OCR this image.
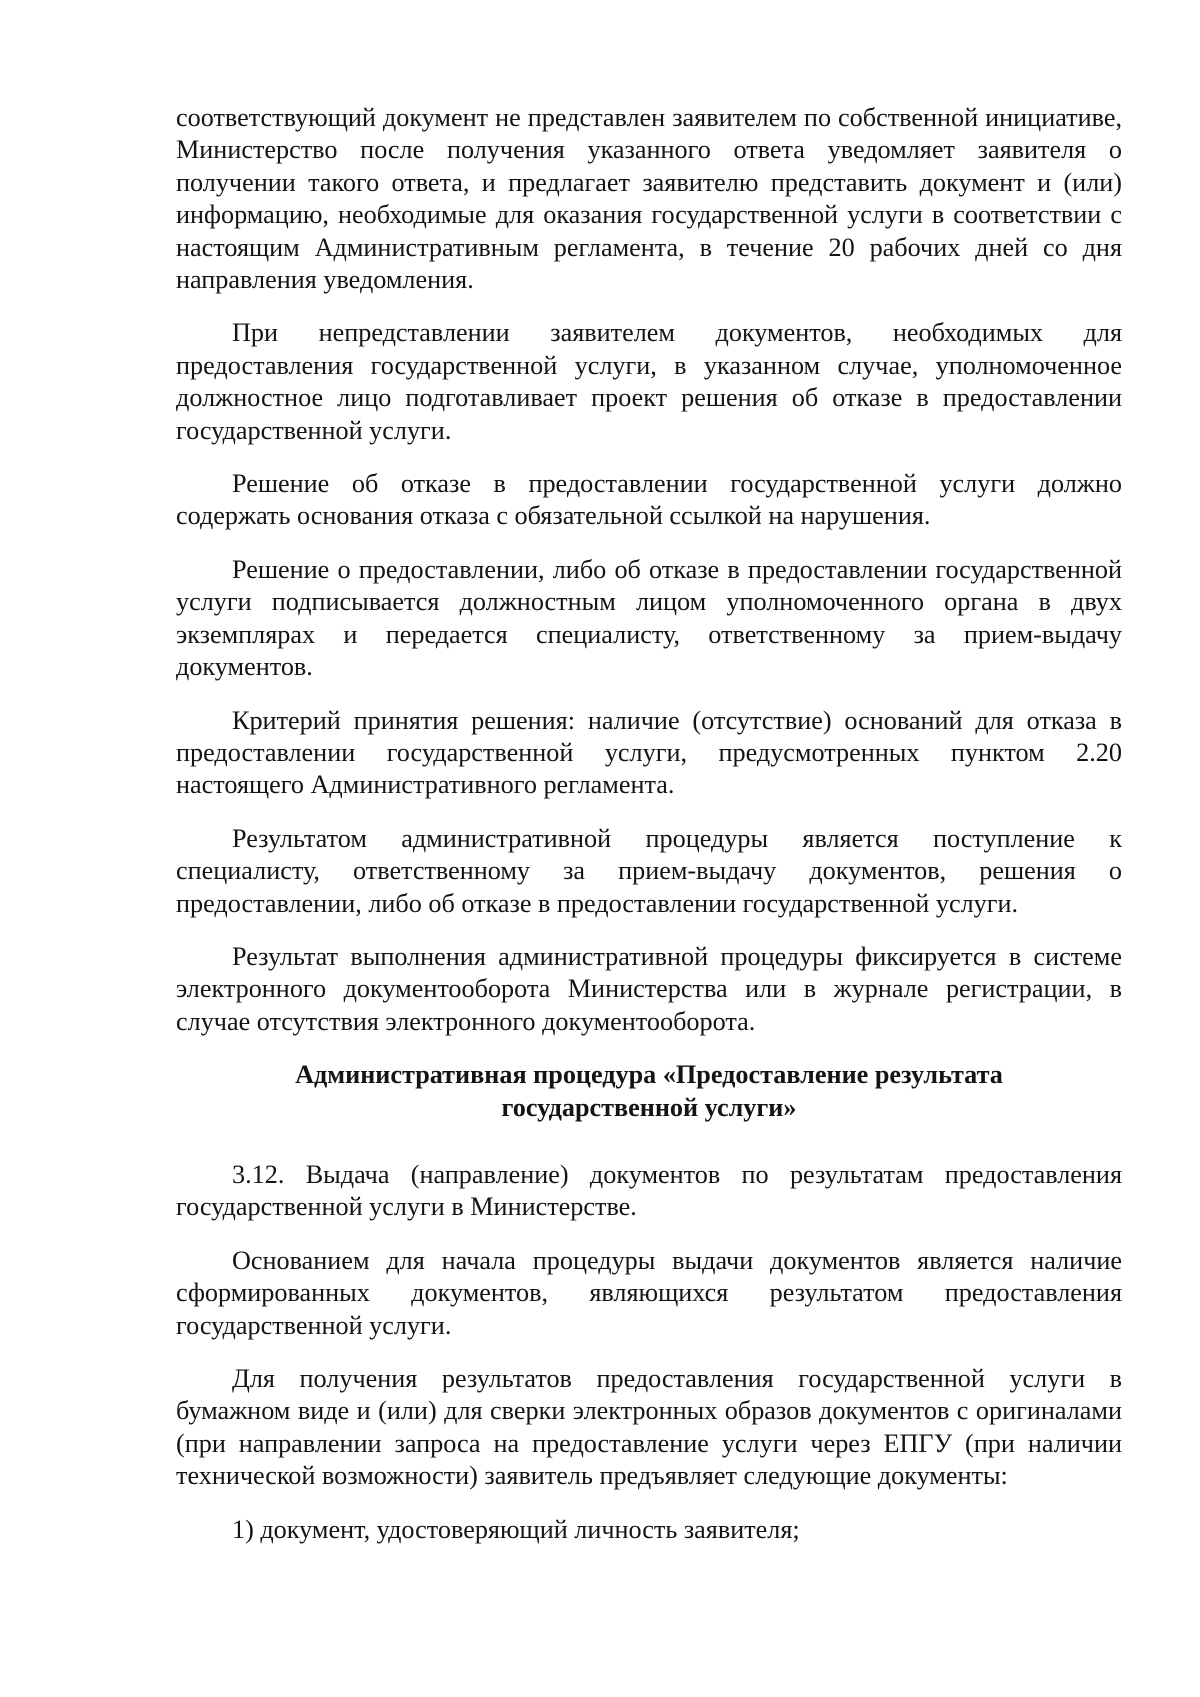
соответствующий документ не представлен заявителем по собственной инициативе, Министерство после получения указанного ответа уведомляет заявителя о получении такого ответа, и предлагает заявителю представить документ и (или) информацию, необходимые для оказания государственной услуги в соответствии с настоящим Административным регламента, в течение 20 рабочих дней со дня направления уведомления.

При непредставлении заявителем документов, необходимых для предоставления государственной услуги, в указанном случае, уполномоченное должностное лицо подготавливает проект решения об отказе в предоставлении государственной услуги.

Решение об отказе в предоставлении государственной услуги должно содержать основания отказа с обязательной ссылкой на нарушения.

Решение о предоставлении, либо об отказе в предоставлении государственной услуги подписывается должностным лицом уполномоченного органа в двух экземплярах и передается специалисту, ответственному за прием-выдачу документов.

Критерий принятия решения: наличие (отсутствие) оснований для отказа в предоставлении государственной услуги, предусмотренных пунктом 2.20 настоящего Административного регламента.

Результатом административной процедуры является поступление к специалисту, ответственному за прием-выдачу документов, решения о предоставлении, либо об отказе в предоставлении государственной услуги.

Результат выполнения административной процедуры фиксируется в системе электронного документооборота Министерства или в журнале регистрации, в случае отсутствия электронного документооборота.

Административная процедура «Предоставление результата
государственной услуги»

3.12. Выдача (направление) документов по результатам предоставления государственной услуги в Министерстве.

Основанием для начала процедуры выдачи документов является наличие сформированных документов, являющихся результатом предоставления государственной услуги.

Для получения результатов предоставления государственной услуги в бумажном виде и (или) для сверки электронных образов документов с оригиналами (при направлении запроса на предоставление услуги через ЕПГУ (при наличии технической возможности) заявитель предъявляет следующие документы:

1) документ, удостоверяющий личность заявителя;
